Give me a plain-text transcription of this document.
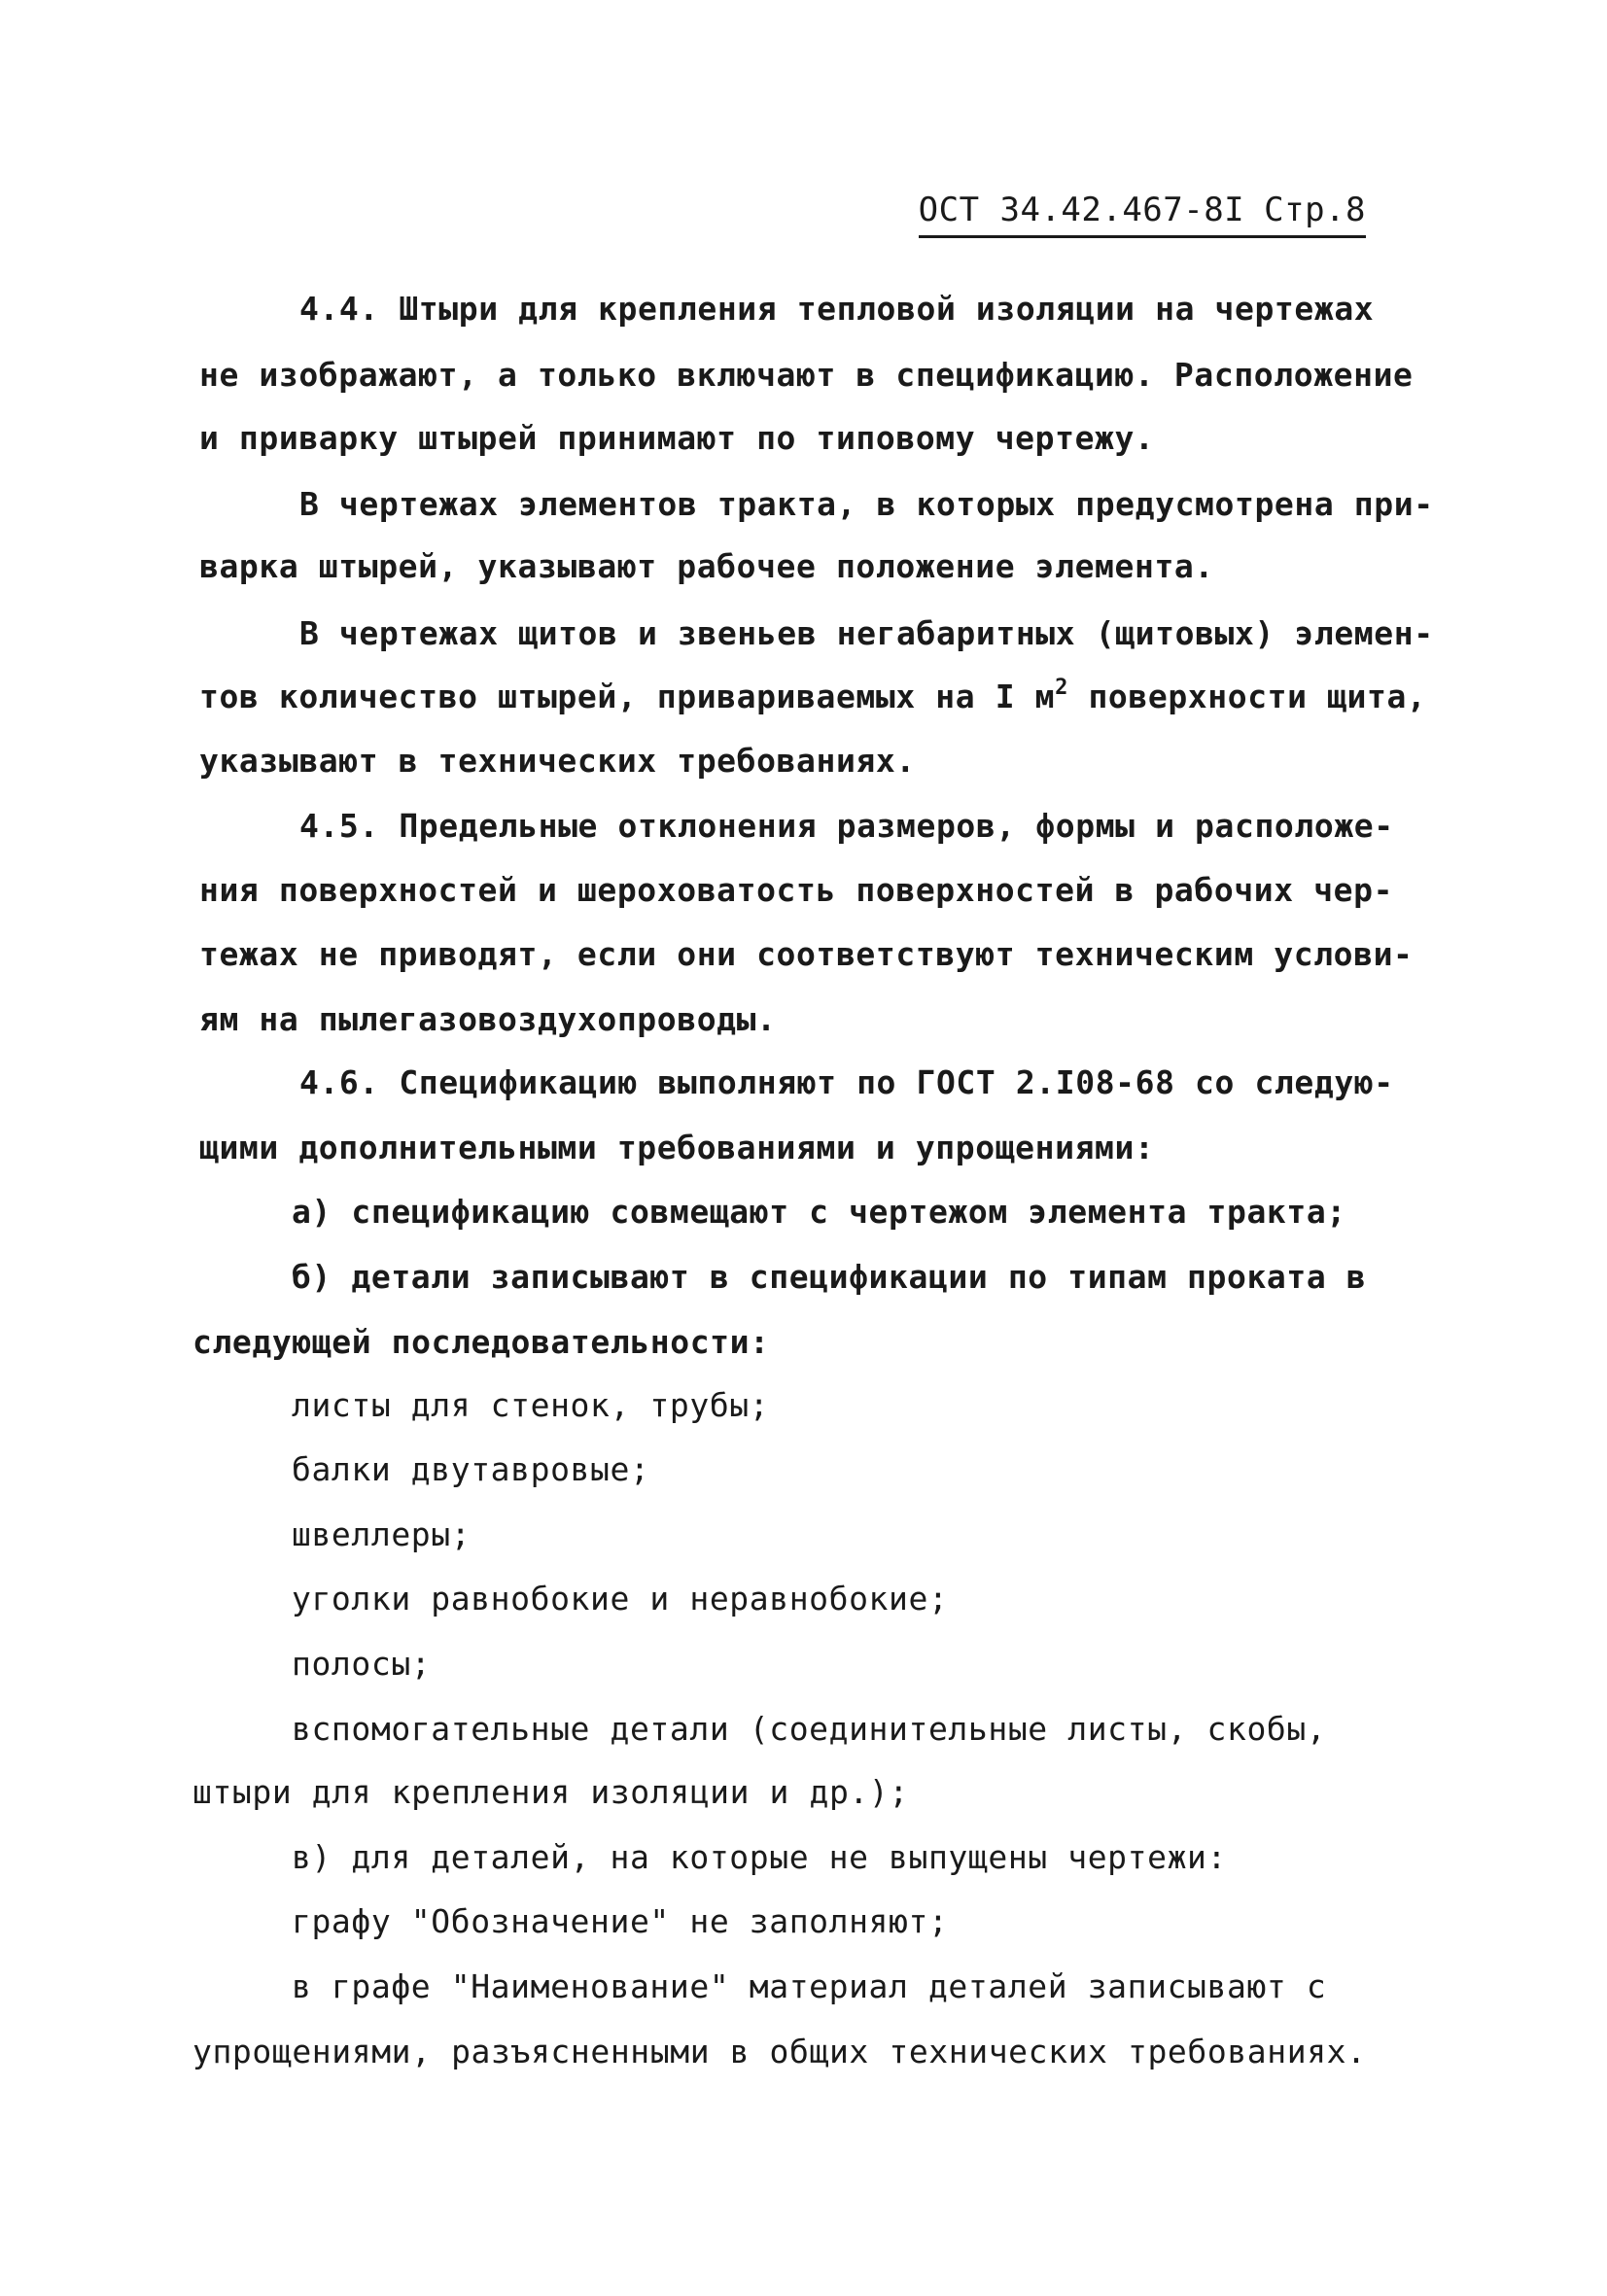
ОСТ 34.42.467-8I Стр.8
4.4. Штыри для крепления тепловой изоляции на чертежах
не изображают, а только включают в спецификацию. Расположение
и приварку штырей принимают по типовому чертежу.
В чертежах элементов тракта, в которых предусмотрена при-
варка штырей, указывают рабочее положение элемента.
В чертежах щитов и звеньев негабаритных (щитовых) элемен-
тов количество штырей, привариваемых на I $м^2$ поверхности щита,
указывают в технических требованиях.
4.5. Предельные отклонения размеров, формы и расположе-
ния поверхностей и шероховатость поверхностей в рабочих чер-
тежах не приводят, если они соответствуют техническим услови-
ям на пылегазовоздухопроводы.
4.6. Спецификацию выполняют по ГОСТ 2.I08-68 со следую-
щими дополнительными требованиями и упрощениями:
а) спецификацию совмещают с чертежом элемента тракта;
б) детали записывают в спецификации по типам проката в
следующей последовательности:
листы для стенок, трубы;
балки двутавровые;
швеллеры;
уголки равнобокие и неравнобокие;
полосы;
вспомогательные детали (соединительные листы, скобы,
штыри для крепления изоляции и др.);
в) для деталей, на которые не выпущены чертежи:
графу "Обозначение" не заполняют;
в графе "Наименование" материал деталей записывают с
упрощениями, разъясненными в общих технических требованиях.
